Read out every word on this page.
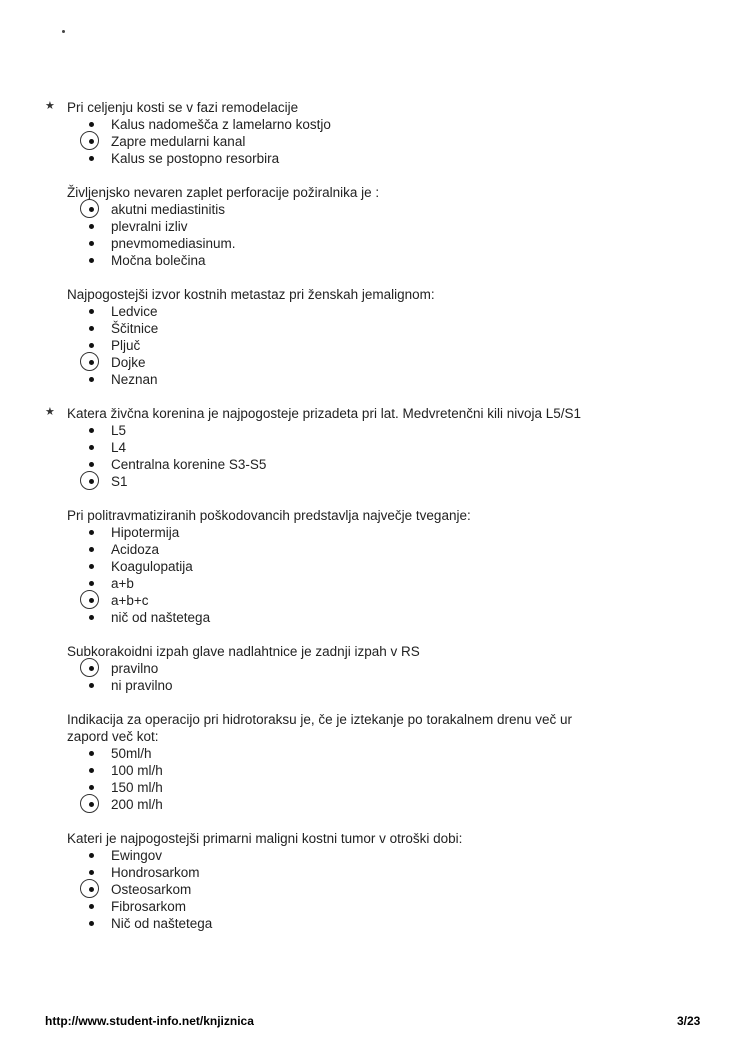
★ Pri celjenju kosti se v fazi remodelacije
Kalus nadomešča z lamelarno kostjo
Zapre medularni kanal
Kalus se postopno resorbira
Življenjsko nevaren zaplet perforacije požiralnika je :
akutni mediastinitis
plevralni izliv
pnevmomediasinum.
Močna bolečina
Najpogostejši izvor kostnih metastaz pri ženskah jemalignom:
Ledvice
Ščitnice
Pljuč
Dojke
Neznan
★ Katera živčna korenina je najpogosteje prizadeta pri lat. Medvretenčni kili nivoja L5/S1
L5
L4
Centralna korenine S3-S5
S1
Pri politravmatiziranih poškodovancih predstavlja največje tveganje:
Hipotermija
Acidoza
Koagulopatija
a+b
a+b+c
nič od naštetega
Subkorakoidni izpah glave nadlahtnice je zadnji izpah v RS
pravilno
ni pravilno
Indikacija za operacijo pri hidrotoraksu je, če je iztekanje po torakalnem drenu več ur zapord več kot:
50ml/h
100 ml/h
150 ml/h
200 ml/h
Kateri je najpogostejši primarni maligni kostni tumor v otroški dobi:
Ewingov
Hondrosarkom
Osteosarkom
Fibrosarkom
Nič od naštetega
http://www.student-info.net/knjiznica	3/23
